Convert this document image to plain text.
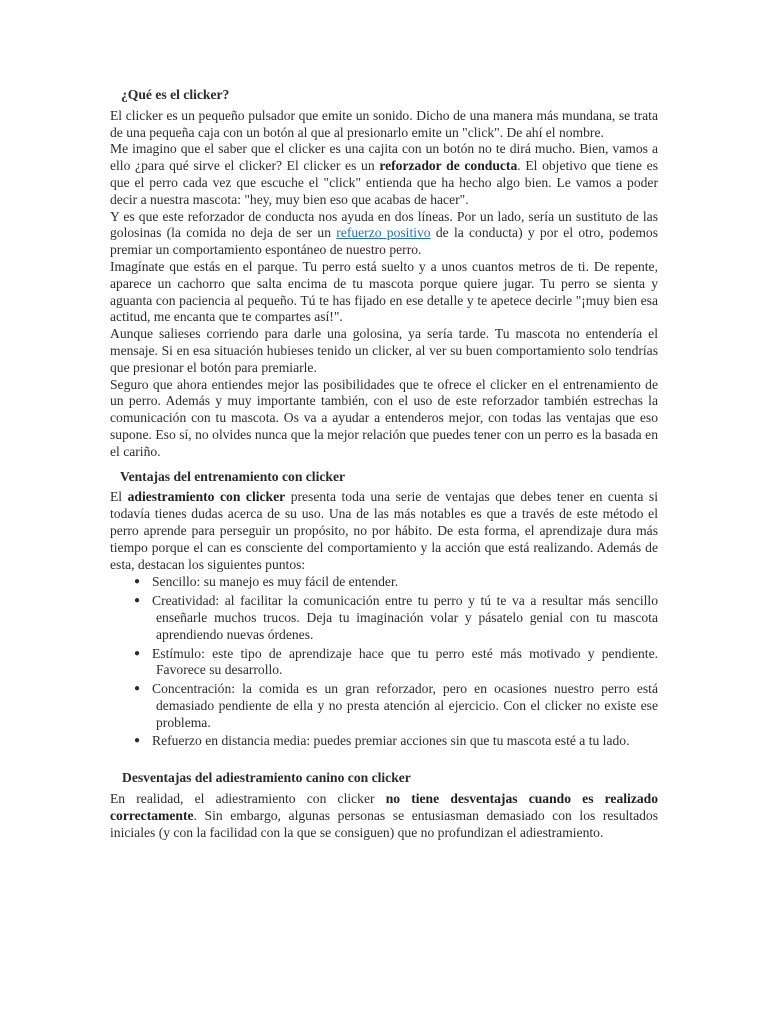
¿Qué es el clicker?

El clicker es un pequeño pulsador que emite un sonido. Dicho de una manera más mundana, se trata de una pequeña caja con un botón al que al presionarlo emite un "click". De ahí el nombre.

Me imagino que el saber que el clicker es una cajita con un botón no te dirá mucho. Bien, vamos a ello ¿para qué sirve el clicker? El clicker es un reforzador de conducta. El objetivo que tiene es que el perro cada vez que escuche el "click" entienda que ha hecho algo bien. Le vamos a poder decir a nuestra mascota: "hey, muy bien eso que acabas de hacer".

Y es que este reforzador de conducta nos ayuda en dos líneas. Por un lado, sería un sustituto de las golosinas (la comida no deja de ser un refuerzo positivo de la conducta) y por el otro, podemos premiar un comportamiento espontáneo de nuestro perro.

Imagínate que estás en el parque. Tu perro está suelto y a unos cuantos metros de ti. De repente, aparece un cachorro que salta encima de tu mascota porque quiere jugar. Tu perro se sienta y aguanta con paciencia al pequeño. Tú te has fijado en ese detalle y te apetece decirle "¡muy bien esa actitud, me encanta que te compartes así!".

Aunque salieses corriendo para darle una golosina, ya sería tarde. Tu mascota no entendería el mensaje. Si en esa situación hubieses tenido un clicker, al ver su buen comportamiento solo tendrías que presionar el botón para premiarle.

Seguro que ahora entiendes mejor las posibilidades que te ofrece el clicker en el entrenamiento de un perro. Además y muy importante también, con el uso de este reforzador también estrechas la comunicación con tu mascota. Os va a ayudar a entenderos mejor, con todas las ventajas que eso supone. Eso sí, no olvides nunca que la mejor relación que puedes tener con un perro es la basada en el cariño.

Ventajas del entrenamiento con clicker

El adiestramiento con clicker presenta toda una serie de ventajas que debes tener en cuenta si todavía tienes dudas acerca de su uso. Una de las más notables es que a través de este método el perro aprende para perseguir un propósito, no por hábito. De esta forma, el aprendizaje dura más tiempo porque el can es consciente del comportamiento y la acción que está realizando. Además de esta, destacan los siguientes puntos:

● Sencillo: su manejo es muy fácil de entender.
● Creatividad: al facilitar la comunicación entre tu perro y tú te va a resultar más sencillo enseñarle muchos trucos. Deja tu imaginación volar y pásatelo genial con tu mascota aprendiendo nuevas órdenes.
● Estímulo: este tipo de aprendizaje hace que tu perro esté más motivado y pendiente. Favorece su desarrollo.
● Concentración: la comida es un gran reforzador, pero en ocasiones nuestro perro está demasiado pendiente de ella y no presta atención al ejercicio. Con el clicker no existe ese problema.
● Refuerzo en distancia media: puedes premiar acciones sin que tu mascota esté a tu lado.
Desventajas del adiestramiento canino con clicker

En realidad, el adiestramiento con clicker no tiene desventajas cuando es realizado correctamente. Sin embargo, algunas personas se entusiasman demasiado con los resultados iniciales (y con la facilidad con la que se consiguen) que no profundizan el adiestramiento.
